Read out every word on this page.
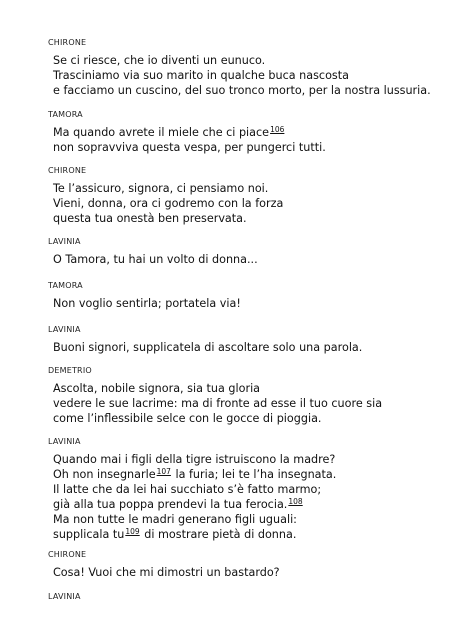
CHIRONE

Se ci riesce, che io diventi un eunuco.

Trasciniamo via suo marito in qualche buca nascosta

e facciamo un cuscino, del suo tronco morto, per la nostra lussuria.

TAMORA

Ma quando avrete il miele che ci piace$^{106}$

non sopravviva questa vespa, per pungerci tutti.

CHIRONE

Te l’assicuro, signora, ci pensiamo noi.

Vieni, donna, ora ci godremo con la forza

questa tua onestà ben preservata.

LAVINIA

O Tamora, tu hai un volto di donna...

TAMORA

Non voglio sentirla; portatela via!

LAVINIA

Buoni signori, supplicatela di ascoltare solo una parola.

DEMETRIO

Ascolta, nobile signora, sia tua gloria

vedere le sue lacrime: ma di fronte ad esse il tuo cuore sia

come l’inflessibile selce con le gocce di pioggia.

LAVINIA

Quando mai i figli della tigre istruiscono la madre?

Oh non insegnarle$^{107}$ la furia; lei te l’ha insegnata.

Il latte che da lei hai succhiato s’è fatto marmo;

già alla tua poppa prendevi la tua ferocia.$^{108}$

Ma non tutte le madri generano figli uguali:

supplicala tu$^{109}$ di mostrare pietà di donna.

CHIRONE

Cosa! Vuoi che mi dimostri un bastardo?

LAVINIA
